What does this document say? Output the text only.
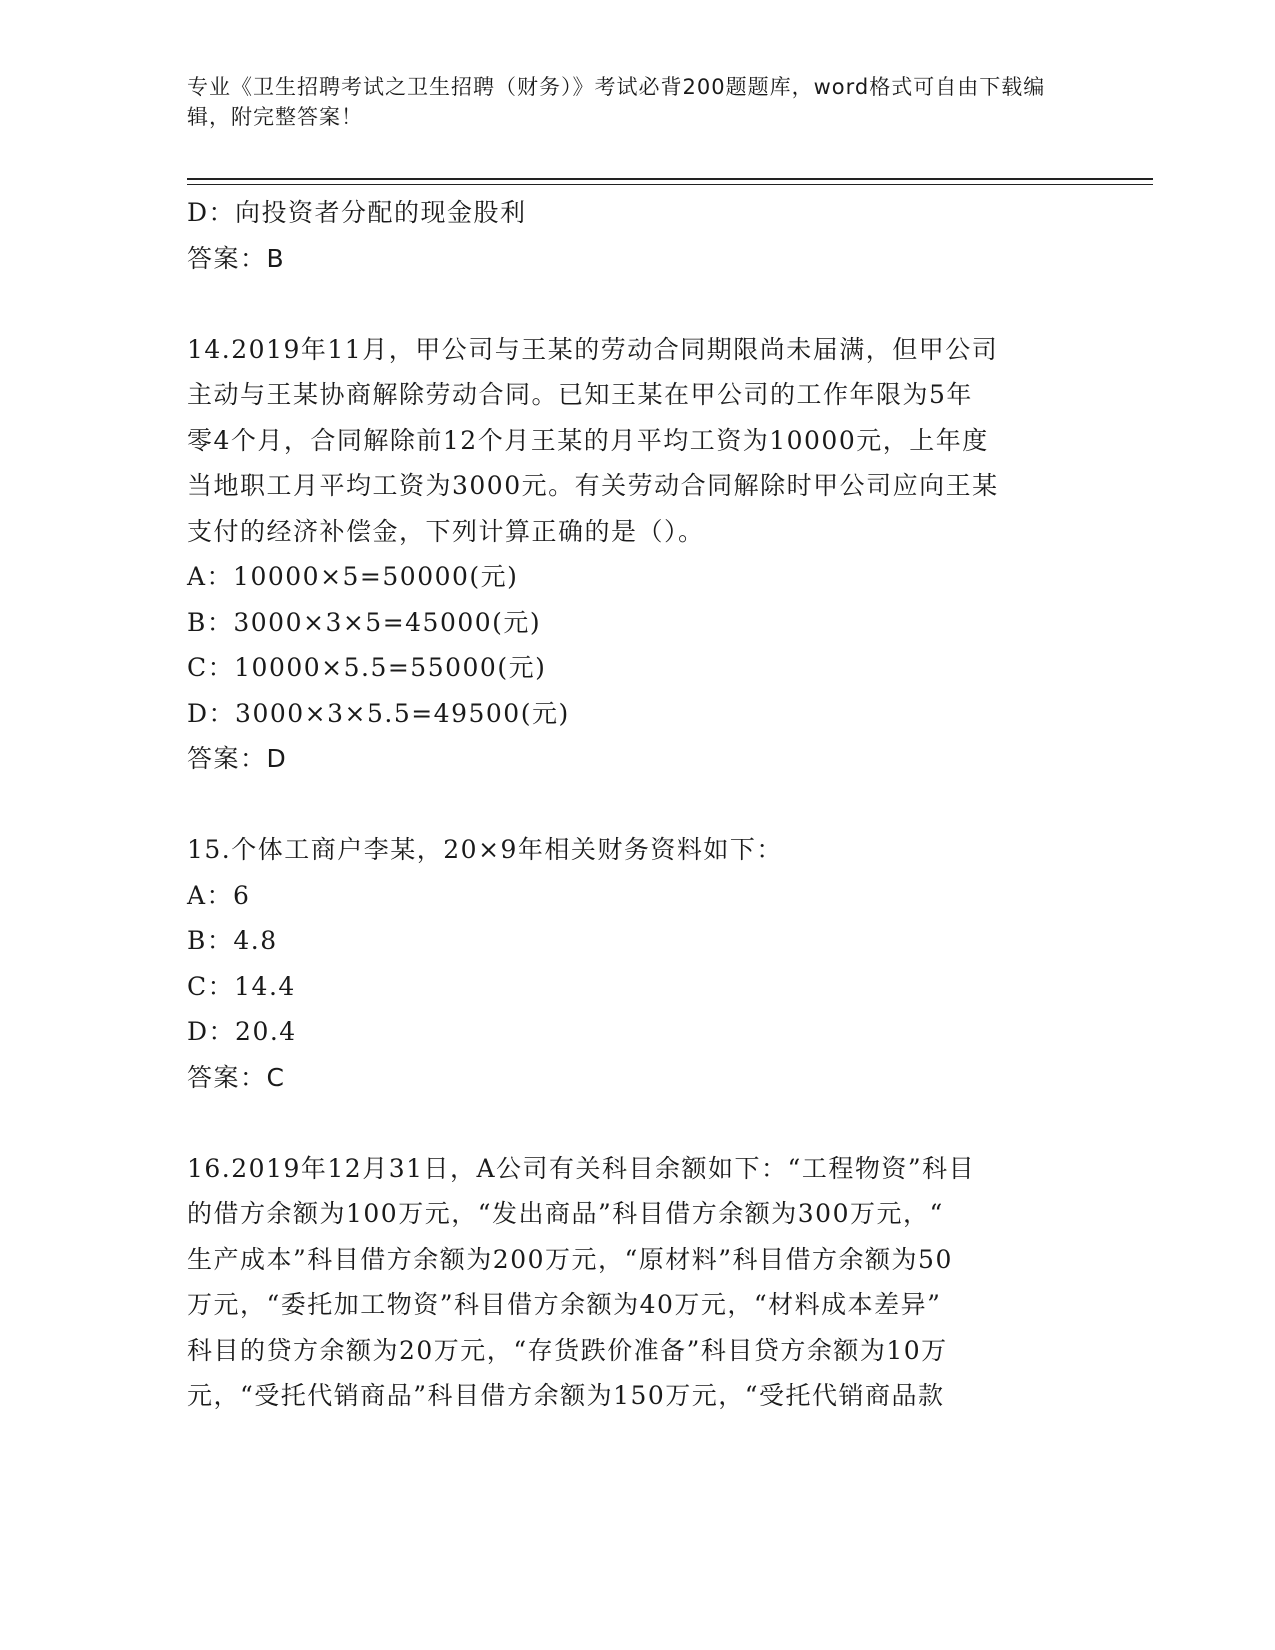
专业《卫生招聘考试之卫生招聘（财务）》考试必背200题题库，word格式可自由下载编辑，附完整答案！
D：向投资者分配的现金股利
答案：B
14.2019年11月，甲公司与王某的劳动合同期限尚未届满，但甲公司
主动与王某协商解除劳动合同。已知王某在甲公司的工作年限为5年
零4个月，合同解除前12个月王某的月平均工资为10000元，上年度
当地职工月平均工资为3000元。有关劳动合同解除时甲公司应向王某
支付的经济补偿金，下列计算正确的是（）。
A：10000×5=50000(元)
B：3000×3×5=45000(元)
C：10000×5.5=55000(元)
D：3000×3×5.5=49500(元)
答案：D
15.个体工商户李某，20×9年相关财务资料如下：
A：6
B：4.8
C：14.4
D：20.4
答案：C
16.2019年12月31日，A公司有关科目余额如下：“工程物资”科目
的借方余额为100万元，“发出商品”科目借方余额为300万元，“
生产成本”科目借方余额为200万元，“原材料”科目借方余额为50
万元，“委托加工物资”科目借方余额为40万元，“材料成本差异”
科目的贷方余额为20万元，“存货跌价准备”科目贷方余额为10万
元，“受托代销商品”科目借方余额为150万元，“受托代销商品款
